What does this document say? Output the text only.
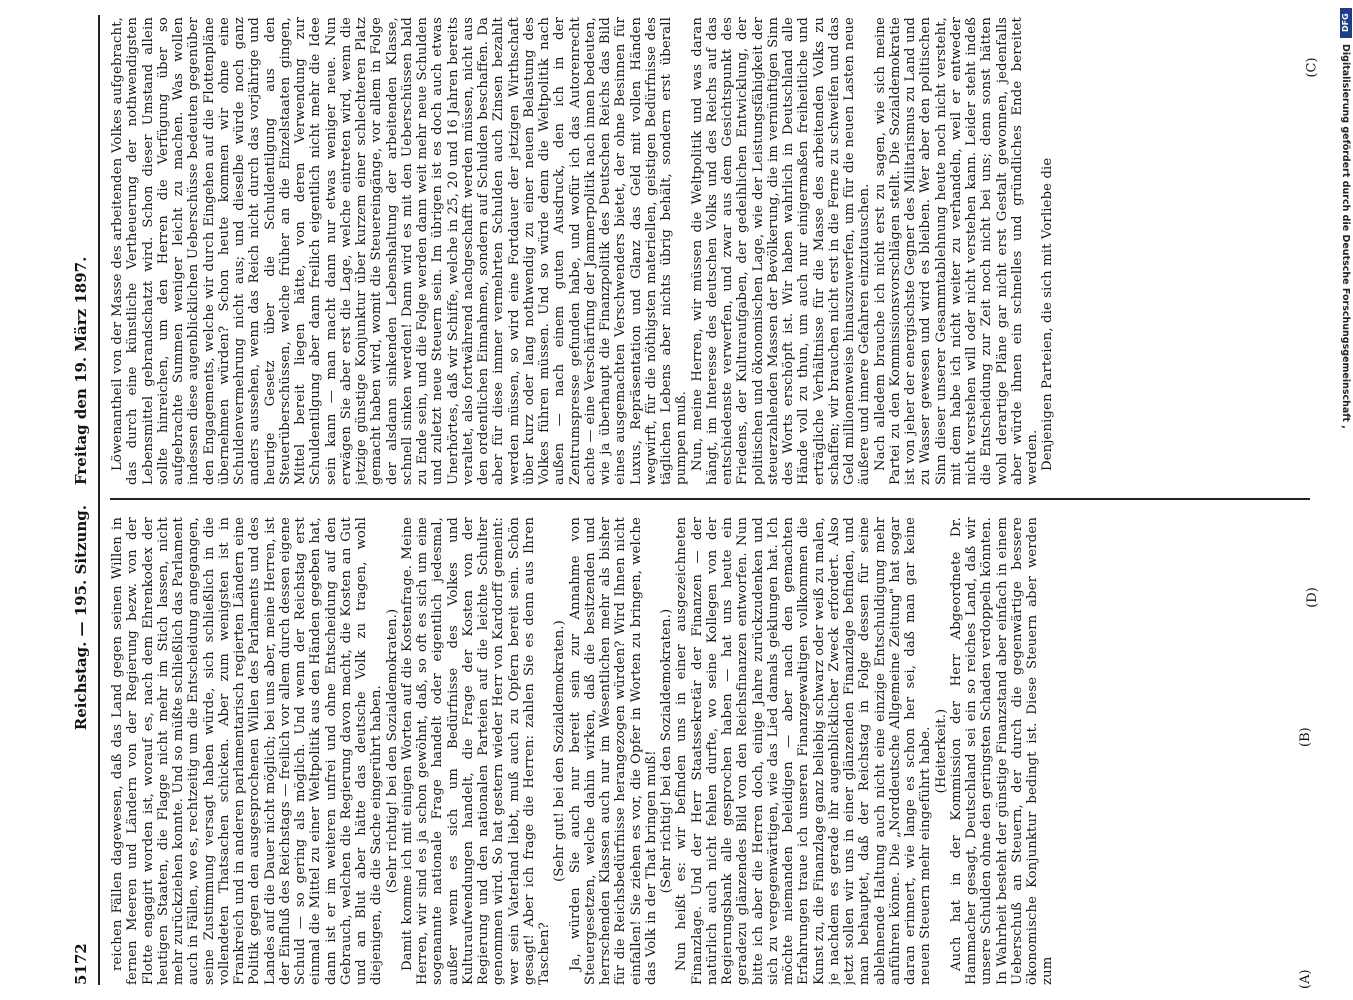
5172
Reichstag. — 195. Sitzung.
Freitag den 19. März 1897.

reichen Fällen dagewesen, daß das Land gegen seinen Willen in fernen Meeren und Ländern von der Regierung bezw. von der Flotte engagirt worden ist, worauf es, nach dem Ehrenkodex der heutigen Staaten, die Flagge nicht mehr im Stich lassen, nicht mehr zurückziehen konnte. Und so müßte schließlich das Parlament auch in Fällen, wo es, rechtzeitig um die Entscheidung angegangen, seine Zustimmung versagt haben würde, sich schließlich in die vollendeten Thatsachen schicken. Aber zum wenigsten ist in Frankreich und in anderen parlamentarisch regierten Ländern eine Politik gegen den ausgesprochenen Willen des Parlaments und des Landes auf die Dauer nicht möglich; bei uns aber, meine Herren, ist der Einfluß des Reichstags — freilich vor allem durch dessen eigene Schuld — so gering als möglich. Und wenn der Reichstag erst einmal die Mittel zu einer Weltpolitik aus den Händen gegeben hat, dann ist er im weiteren unfrei und ohne Entscheidung auf den Gebrauch, welchen die Regierung davon macht, die Kosten an Gut und an Blut aber hätte das deutsche Volk zu tragen, wohl diejenigen, die die Sache eingerührt haben. (Sehr richtig! bei den Sozialdemokraten.) Damit komme ich mit einigen Worten auf die Kostenfrage. Meine Herren, wir sind es ja schon gewöhnt, daß, so oft es sich um eine sogenannte nationale Frage handelt oder eigentlich jedesmal, außer wenn es sich um Bedürfnisse des Volkes und Kulturaufwendungen handelt, die Frage der Kosten von der Regierung und den nationalen Parteien auf die leichte Schulter genommen wird. So hat gestern wieder Herr von Kardorff gemeint: wer sein Vaterland liebt, muß auch zu Opfern bereit sein. Schön gesagt! Aber ich frage die Herren: zahlen Sie es denn aus Ihren Taschen?

(Sehr gut! bei den Sozialdemokraten.) Ja, würden Sie auch nur bereit sein zur Annahme von Steuergesetzen, welche dahin wirken, daß die besitzenden und herrschenden Klassen auch nur im Wesentlichen mehr als bisher für die Reichsbedürfnisse herangezogen würden? Wird Ihnen nicht einfallen! Sie ziehen es vor, die Opfer in Worten zu bringen, welche das Volk in der That bringen muß! (Sehr richtig! bei den Sozialdemokraten.) Nun heißt es: wir befinden uns in einer ausgezeichneten Finanzlage. Und der Herr Staatssekretär der Finanzen — der natürlich auch nicht fehlen durfte, wo seine Kollegen von der Regierungsbank alle gesprochen haben — hat uns heute ein geradezu glänzendes Bild von den Reichsfinanzen entworfen. Nun bitte ich aber die Herren doch, einige Jahre zurückzudenken und sich zu vergegenwärtigen, wie das Lied damals geklungen hat. Ich möchte niemanden beleidigen — aber nach den gemachten Erfahrungen traue ich unseren Finanzgewaltigen vollkommen die Kunst zu, die Finanzlage ganz beliebig schwarz oder weiß zu malen, je nachdem es gerade ihr augenblicklicher Zweck erfordert. Also jetzt sollen wir uns in einer glänzenden Finanzlage befinden, und man behauptet, daß der Reichstag in Folge dessen für seine ablehnende Haltung auch nicht eine einzige Entschuldigung mehr anführen könne. Die „Norddeutsche Allgemeine Zeitung" hat sogar daran erinnert, wie lange es schon her sei, daß man gar keine neuen Steuern mehr eingeführt habe. (Heiterkeit.) Auch hat in der Kommission der Herr Abgeordnete Dr. Hammacher gesagt, Deutschland sei ein so reiches Land, daß wir unsere Schulden ohne den geringsten Schaden verdoppeln könnten. In Wahrheit besteht der günstige Finanzstand aber einfach in einem Ueberschuß an Steuern, der durch die gegenwärtige bessere ökonomische Konjunktur bedingt ist. Diese Steuern aber werden zum

Löwenantheil von der Masse des arbeitenden Volkes aufgebracht, das durch eine künstliche Vertheuerung der nothwendigsten Lebensmittel gebrandschatzt wird. Schon dieser Umstand allein sollte hinreichen, um den Herren die Verfügung über so aufgebrachte Summen weniger leicht zu machen. Was wollen indessen diese augenblicklichen Ueberschüsse bedeuten gegenüber den Engagements, welche wir durch Eingehen auf die Flottenpläne übernehmen würden? Schon heute kommen wir ohne eine Schuldenvermehrung nicht aus; und dieselbe würde noch ganz anders aussehen, wenn das Reich nicht durch das vorjährige und heurige Gesetz über die Schuldentilgung aus den Steuerüberschüssen, welche früher an die Einzelstaaten gingen, Mittel bereit liegen hätte, von deren Verwendung zur Schuldentilgung aber dann freilich eigentlich nicht mehr die Idee sein kann — man macht dann nur etwas weniger neue. Nun erwägen Sie aber erst die Lage, welche eintreten wird, wenn die jetzige günstige Konjunktur über kurzem einer schlechteren Platz gemacht haben wird, womit die Steuereingänge, vor allem in Folge der alsdann sinkenden Lebenshaltung der arbeitenden Klasse, schnell sinken werden! Dann wird es mit den Ueberschüssen bald zu Ende sein, und die Folge werden dann weit mehr neue Schulden und zuletzt neue Steuern sein. Im übrigen ist es doch auch etwas Unerhörtes, daß wir Schiffe, welche in 25, 20 und 16 Jahren bereits veraltet, also fortwährend nachgeschafft werden müssen, nicht aus den ordentlichen Einnahmen, sondern auf Schulden beschaffen. Da aber für diese immer vermehrten Schulden auch Zinsen bezahlt werden müssen, so wird eine Fortdauer der jetzigen Wirthschaft über kurz oder lang nothwendig zu einer neuen Belastung des Volkes führen müssen. Und so würde denn die Weltpolitik nach außen — nach einem guten Ausdruck, den ich in der Zentrumspresse gefunden habe, und wofür ich das Autorenrecht achte — eine Verschärfung der Jammerpolitik nach innen bedeuten, wie ja überhaupt die Finanzpolitik des Deutschen Reichs das Bild eines ausgemachten Verschwenders bietet, der ohne Besinnen für Luxus, Repräsentation und Glanz das Geld mit vollen Händen wegwirft, für die nöthigsten materiellen, geistigen Bedürfnisse des täglichen Lebens aber nichts übrig behält, sondern erst überall pumpen muß. Nun, meine Herren, wir müssen die Weltpolitik und was daran hängt, im Interesse des deutschen Volks und des Reichs auf das entschiedenste verwerfen, und zwar aus dem Gesichtspunkt des Friedens, der Kulturaufgaben, der gedeihlichen Entwicklung, der politischen und ökonomischen Lage, wie der Leistungsfähigkeit der steuerzahlenden Massen der Bevölkerung, die im vernünftigen Sinn des Worts erschöpft ist. Wir haben wahrlich in Deutschland alle Hände voll zu thun, um auch nur einigermaßen freiheitliche und erträgliche Verhältnisse für die Masse des arbeitenden Volks zu schaffen; wir brauchen nicht erst in die Ferne zu schweifen und das Geld millionenweise hinauszuwerfen, um für die neuen Lasten neue äußere und innere Gefahren einzutauschen. Nach alledem brauche ich nicht erst zu sagen, wie sich meine Partei zu den Kommissionsvorschlägen stellt. Die Sozialdemokratie ist von jeher der energischste Gegner des Militarismus zu Land und zu Wasser gewesen und wird es bleiben. Wer aber den politischen Sinn dieser unserer Gesammtablehnung heute noch nicht versteht, mit dem habe ich nicht weiter zu verhandeln, weil er entweder nicht verstehen will oder nicht verstehen kann. Leider steht indeß die Entscheidung zur Zeit noch nicht bei uns; denn sonst hätten wohl derartige Pläne gar nicht erst Gestalt gewonnen, jedenfalls aber würde ihnen ein schnelles und gründliches Ende bereitet werden. Denjenigen Parteien, die sich mit Vorliebe die

(A)
(B)
(C)
(D)
DFG
Digitalisierung gefördert durch die Deutsche Forschungsgemeinschaft ,
